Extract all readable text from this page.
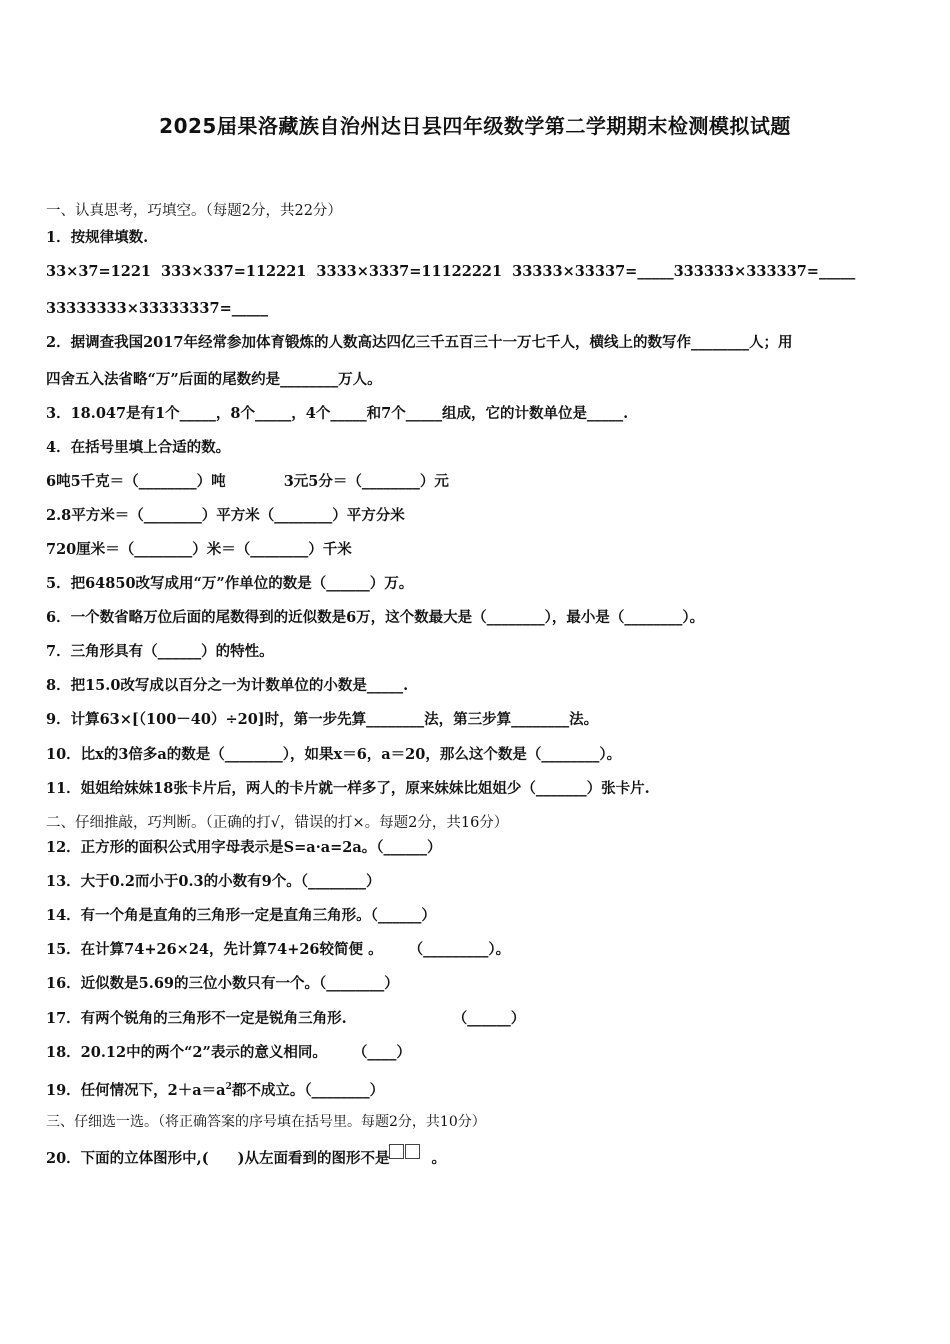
2025届果洛藏族自治州达日县四年级数学第二学期期末检测模拟试题
一、认真思考，巧填空。（每题2分，共22分）
1．按规律填数.
33×37=1221 333×337=112221 3333×3337=11122221 33333×33337=_____333333×333337=_____
33333333×33333337=_____
2．据调查我国2017年经常参加体育锻炼的人数高达四亿三千五百三十一万七千人，横线上的数写作________人；用
四舍五入法省略“万”后面的尾数约是________万人。
3．18.047是有1个_____，8个_____，4个_____和7个_____组成，它的计数单位是_____.
4．在括号里填上合适的数。
6吨5千克＝（________）吨	3元5分＝（________）元
2.8平方米＝（________）平方米（________）平方分米
720厘米＝（________）米＝（________）千米
5．把64850改写成用“万”作单位的数是（______）万。
6．一个数省略万位后面的尾数得到的近似数是6万，这个数最大是（________），最小是（________）。
7．三角形具有（______）的特性。
8．把15.0改写成以百分之一为计数单位的小数是_____.
9．计算63×[（100－40）÷20]时，第一步先算________法，第三步算________法。
10．比x的3倍多a的数是（________），如果x＝6，a＝20，那么这个数是（________）。
11．姐姐给妹妹18张卡片后，两人的卡片就一样多了，原来妹妹比姐姐少（_______）张卡片.
二、仔细推敲，巧判断。（正确的打√，错误的打×。每题2分，共16分）
12．正方形的面积公式用字母表示是S=a·a=2a。（______）
13．大于0.2而小于0.3的小数有9个。（________）
14．有一个角是直角的三角形一定是直角三角形。（______）
15．在计算74+26×24，先计算74+26较简便 。 （_________）。
16．近似数是5.69的三位小数只有一个。（________）
17．有两个锐角的三角形不一定是锐角三角形.	（______）
18．20.12中的两个“2”表示的意义相同。 （____）
19．任何情况下，$2+a=a^2$都不成立。（________）
三、仔细选一选。（将正确答案的序号填在括号里。每题2分，共10分）
20．下面的立体图形中,(　　)从左面看到的图形不是	。
